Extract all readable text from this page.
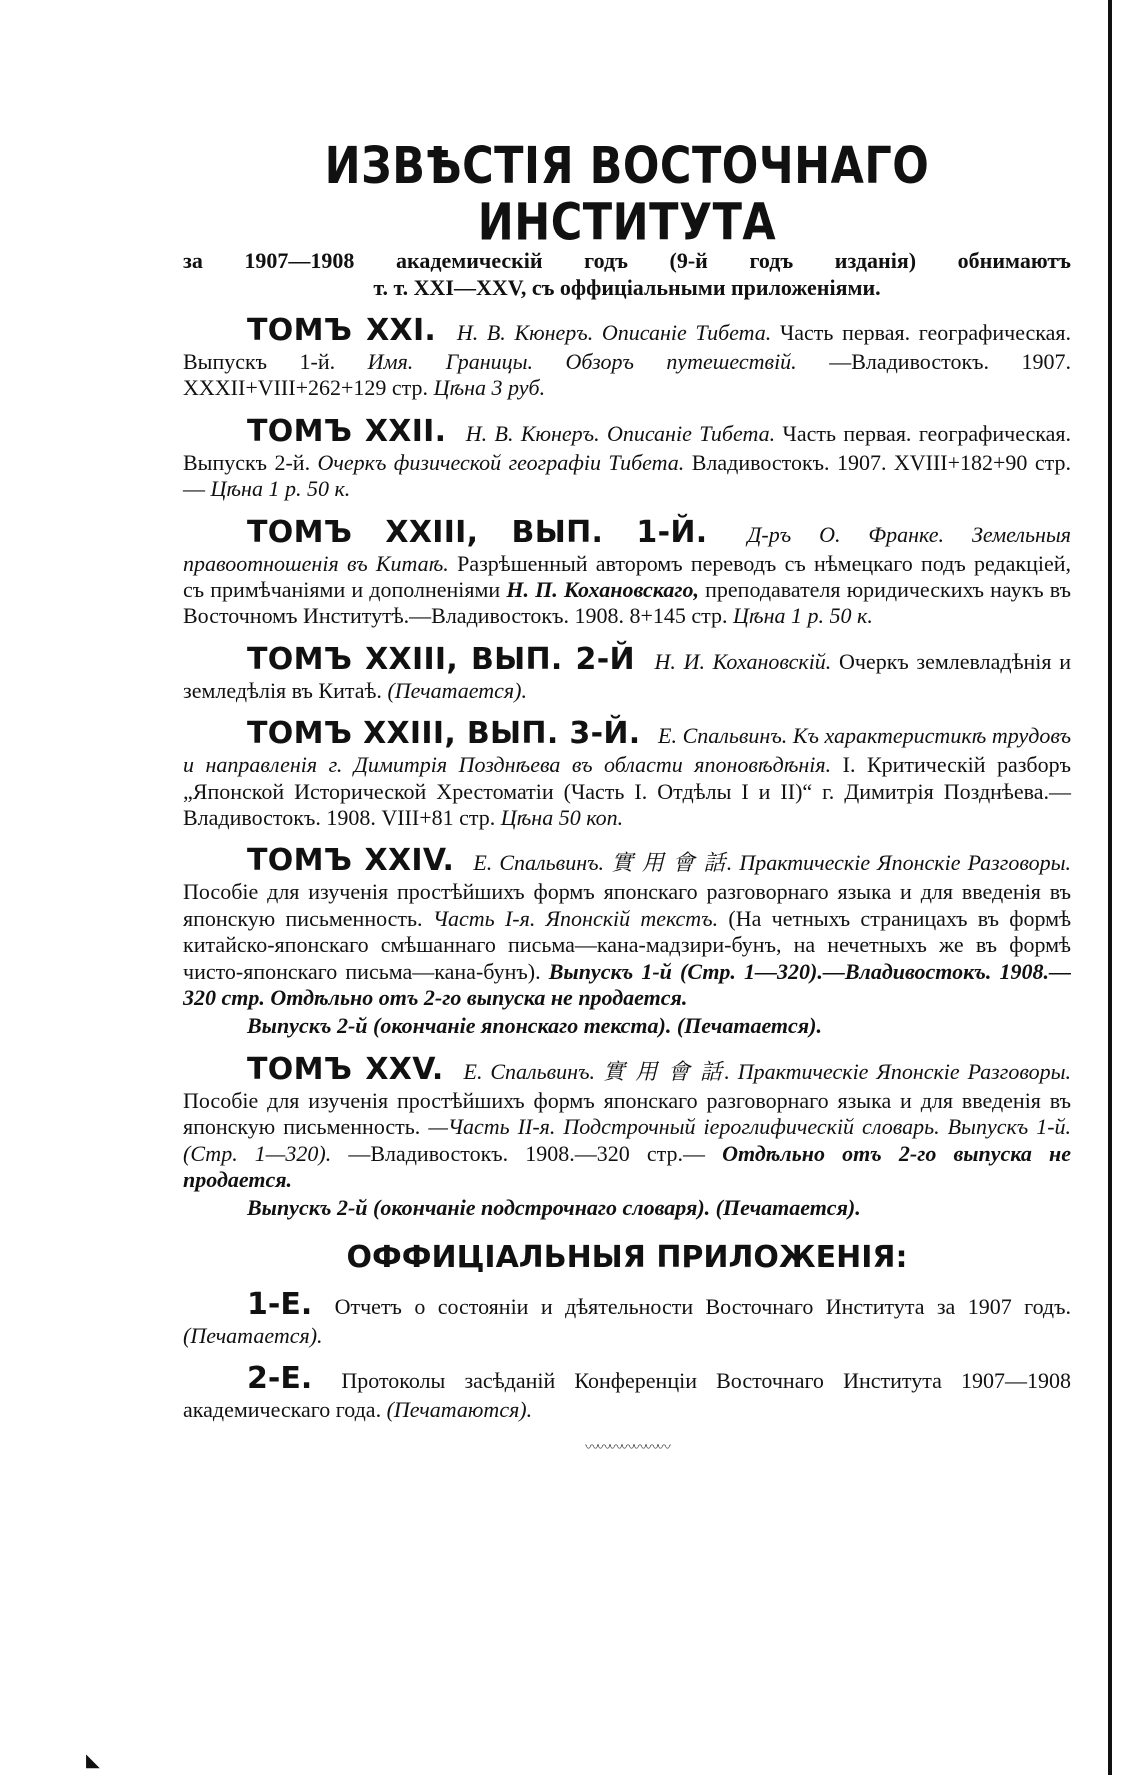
◣
ИЗВѢСТІЯ ВОСТОЧНАГО ИНСТИТУТА
за 1907—1908 академическій годъ (9-й годъ изданія) обнимаютъ
т. т. XXI—XXV, съ оффиціальными приложеніями.
ТОМЪ XXI. Н. В. Кюнеръ. Описаніе Тибета. Часть первая. географическая. Выпускъ 1-й. Имя. Границы. Обзоръ путешествій. —Владивостокъ. 1907. XXXII+VIII+262+129 стр. Цѣна 3 руб.
ТОМЪ XXII. Н. В. Кюнеръ. Описаніе Тибета. Часть первая. географическая. Выпускъ 2-й. Очеркъ физической географіи Тибета. Владивостокъ. 1907. XVIII+182+90 стр.— Цѣна 1 р. 50 к.
ТОМЪ XXIII, ВЫП. 1-Й. Д-ръ О. Франке. Земельныя правоотношенія въ Китаѣ. Разрѣшенный авторомъ переводъ съ нѣмецкаго подъ редакціей, съ примѣчаніями и дополненіями Н. П. Кохановскаго, преподавателя юридическихъ наукъ въ Восточномъ Институтѣ.—Владивостокъ. 1908. 8+145 стр. Цѣна 1 р. 50 к.
ТОМЪ XXIII, ВЫП. 2-Й Н. И. Кохановскій. Очеркъ землевладѣнія и земледѣлія въ Китаѣ. (Печатается).
ТОМЪ XXIII, ВЫП. 3-Й. Е. Спальвинъ. Къ характеристикѣ трудовъ и направленія г. Димитрія Позднѣева въ области японовѣдѣнія. І. Критическій разборъ „Японской Исторической Хрестоматіи (Часть І. Отдѣлы І и ІІ)“ г. Димитрія Позднѣева.—Владивостокъ. 1908. VIII+81 стр. Цѣна 50 коп.
ТОМЪ XXIV. Е. Спальвинъ. 實 用 會 話. Практическіе Японскіе Разговоры. Пособіе для изученія простѣйшихъ формъ японскаго разговорнаго языка и для введенія въ японскую письменность. Часть І-я. Японскій текстъ. (На четныхъ страницахъ въ формѣ китайско-японскаго смѣшаннаго письма—кана-мадзири-бунъ, на нечетныхъ же въ формѣ чисто-японскаго письма—кана-бунъ). Выпускъ 1-й (Стр. 1—320).—Владивостокъ. 1908.—320 стр. Отдѣльно отъ 2-го выпуска не продается.
Выпускъ 2-й (окончаніе японскаго текста). (Печатается).
ТОМЪ XXV. Е. Спальвинъ. 實 用 會 話. Практическіе Японскіе Разговоры. Пособіе для изученія простѣйшихъ формъ японскаго разговорнаго языка и для введенія въ японскую письменность. —Часть II-я. Подстрочный іероглифическій словарь. Выпускъ 1-й. (Стр. 1—320). —Владивостокъ. 1908.—320 стр.— Отдѣльно отъ 2-го выпуска не продается.
Выпускъ 2-й (окончаніе подстрочнаго словаря). (Печатается).
ОФФИЦІАЛЬНЫЯ ПРИЛОЖЕНІЯ:
1-Е. Отчетъ о состояніи и дѣятельности Восточнаго Института за 1907 годъ. (Печатается).
2-Е. Протоколы засѣданій Конференціи Восточнаго Института 1907—1908 академическаго года. (Печатаются).
〰〰〰〰〰〰〰
